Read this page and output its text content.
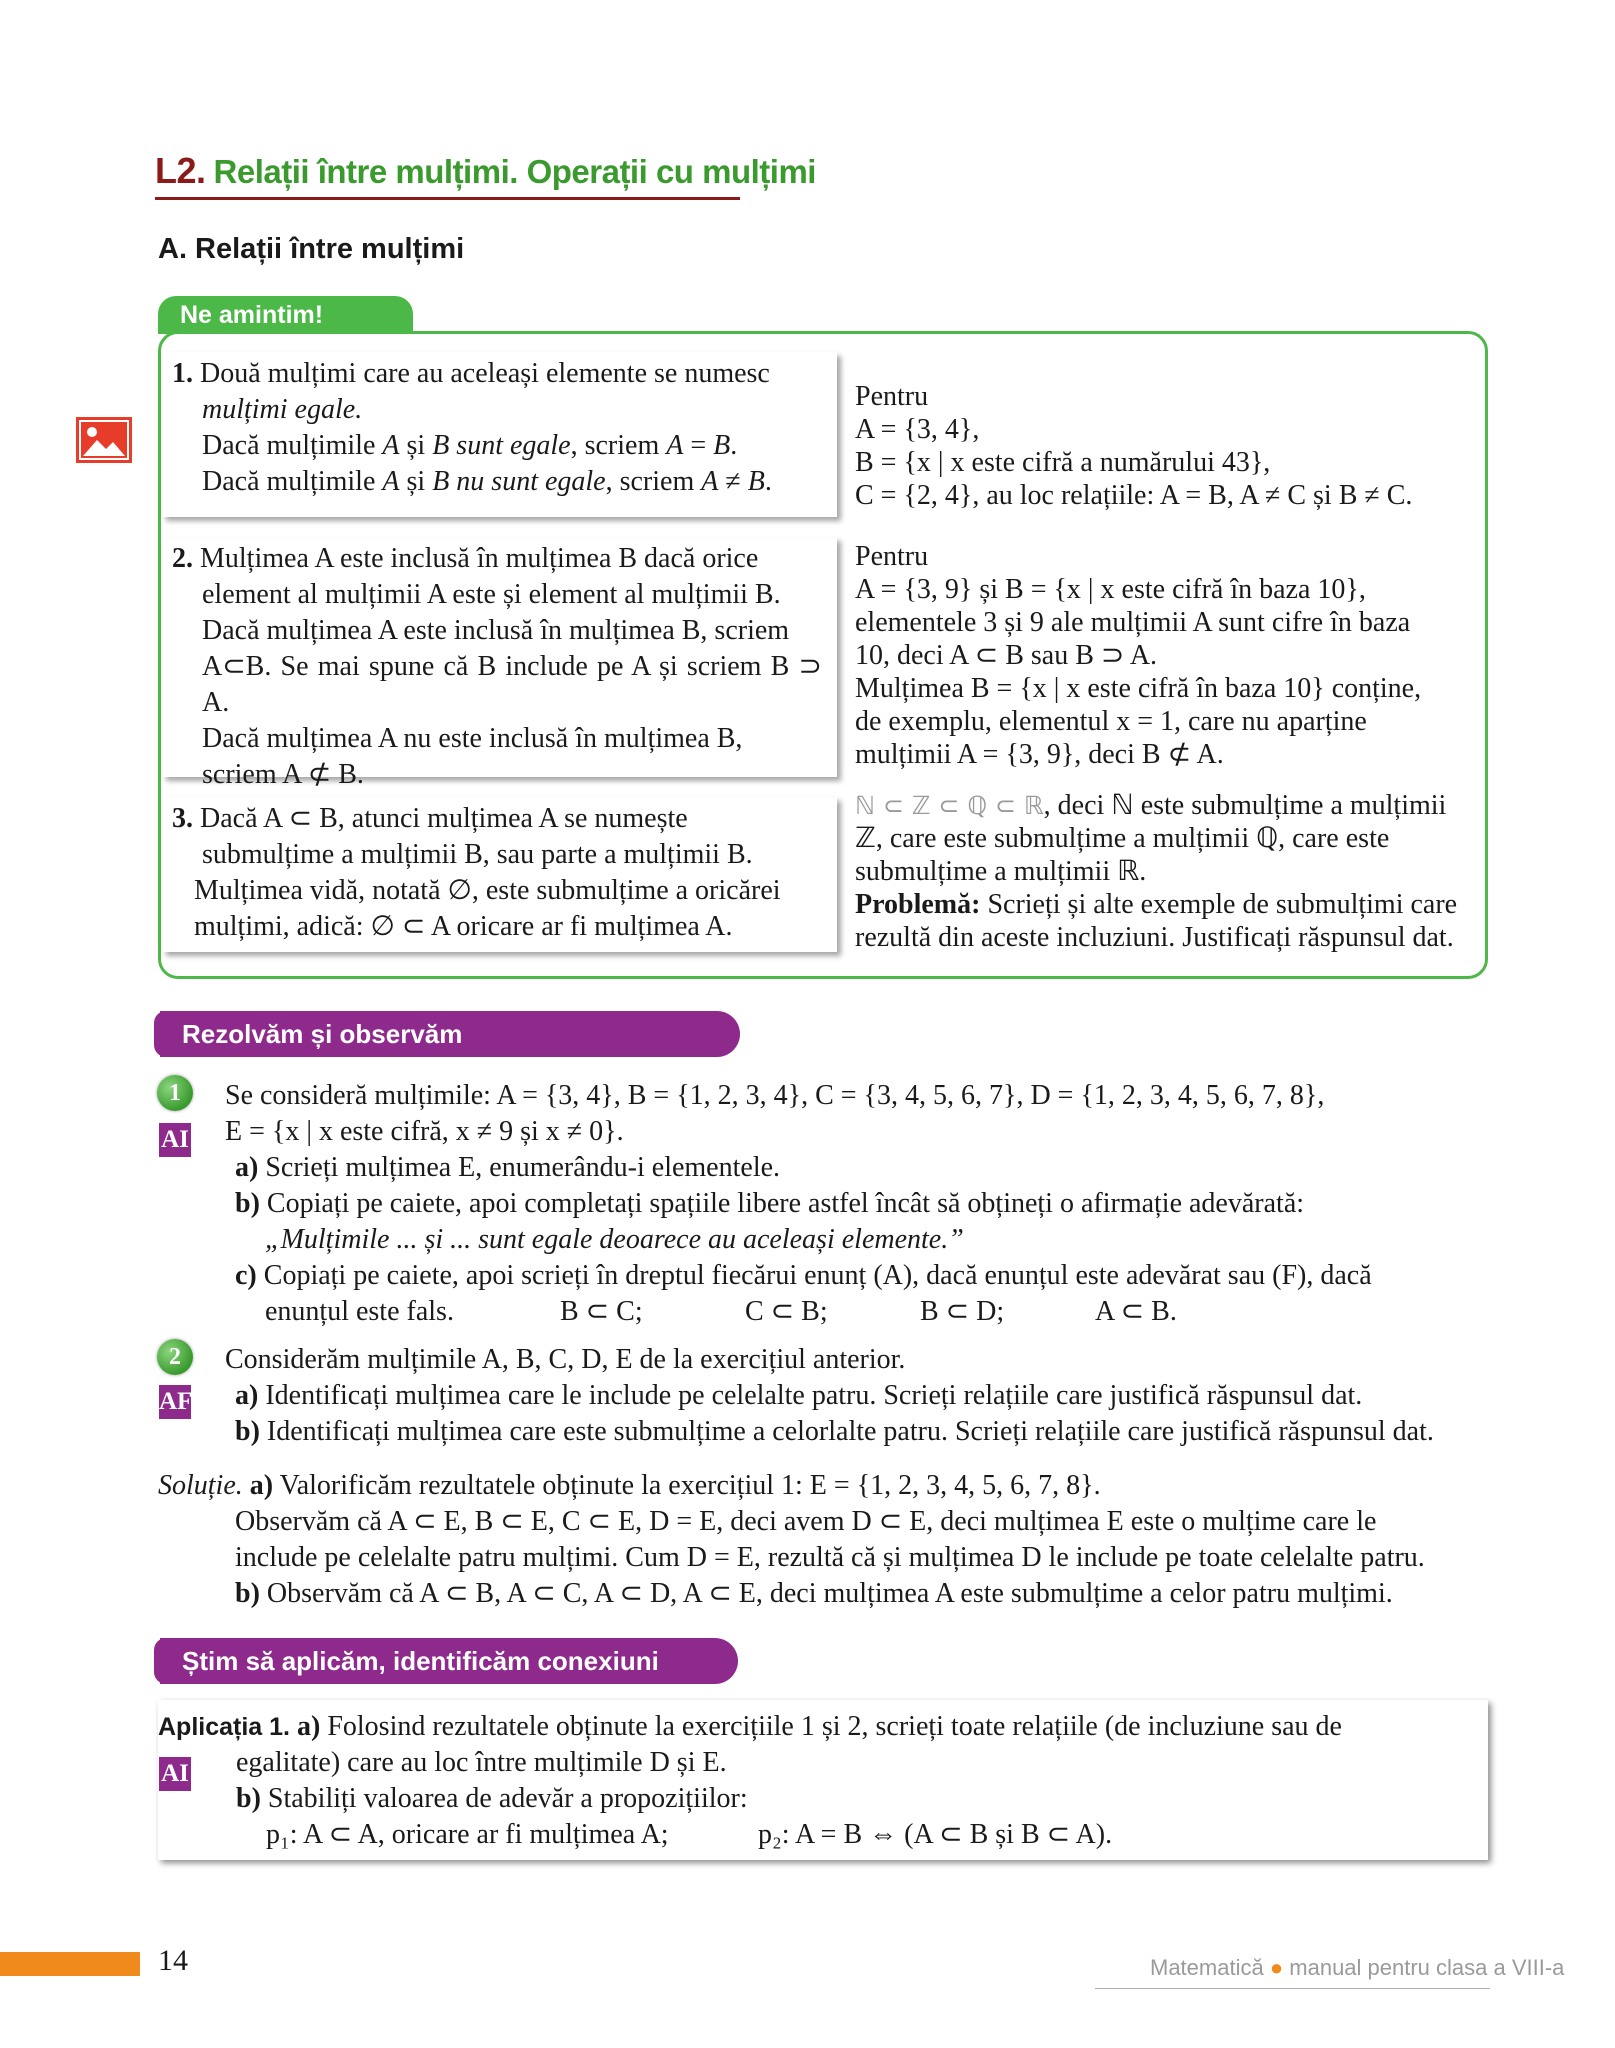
L2. Relații între mulțimi. Operații cu mulțimi
A. Relații între mulțimi
Ne amintim!
1. Două mulțimi care au aceleași elemente se numesc
mulțimi egale.
Dacă mulțimile A și B sunt egale, scriem A = B.
Dacă mulțimile A și B nu sunt egale, scriem A ≠ B.
2. Mulțimea A este inclusă în mulțimea B dacă orice
element al mulțimii A este și element al mulțimii B.
Dacă mulțimea A este inclusă în mulțimea B, scriem
A⊂B. Se mai spune că B include pe A și scriem B ⊃ A.
Dacă mulțimea A nu este inclusă în mulțimea B,
scriem A ⊄ B.
3. Dacă A ⊂ B, atunci mulțimea A se numește
submulțime a mulțimii B, sau parte a mulțimii B.
Mulțimea vidă, notată ∅, este submulțime a oricărei
mulțimi, adică: ∅ ⊂ A oricare ar fi mulțimea A.
Pentru
A = {3, 4},
B = {x | x este cifră a numărului 43},
C = {2, 4}, au loc relațiile: A = B, A ≠ C și B ≠ C.
Pentru
A = {3, 9} și B = {x | x este cifră în baza 10},
elementele 3 și 9 ale mulțimii A sunt cifre în baza
10, deci A ⊂ B sau B ⊃ A.
Mulțimea B = {x | x este cifră în baza 10} conține,
de exemplu, elementul x = 1, care nu aparține
mulțimii A = {3, 9}, deci B ⊄ A.
ℕ ⊂ ℤ ⊂ ℚ ⊂ ℝ, deci ℕ este submulțime a mulțimii
ℤ, care este submulțime a mulțimii ℚ, care este
submulțime a mulțimii ℝ.
Problemă: Scrieți și alte exemple de submulțimi care
rezultă din aceste incluziuni. Justificați răspunsul dat.
Rezolvăm și observăm
1
AI
Se consideră mulțimile: A = {3, 4}, B = {1, 2, 3, 4}, C = {3, 4, 5, 6, 7}, D = {1, 2, 3, 4, 5, 6, 7, 8},
E = {x | x este cifră, x ≠ 9 și x ≠ 0}.
a) Scrieți mulțimea E, enumerându-i elementele.
b) Copiați pe caiete, apoi completați spațiile libere astfel încât să obțineți o afirmație adevărată:
„Mulțimile ... și ... sunt egale deoarece au aceleași elemente.”
c) Copiați pe caiete, apoi scrieți în dreptul fiecărui enunț (A), dacă enunțul este adevărat sau (F), dacă
enunțul este fals.	B ⊂ C;	C ⊂ B;	B ⊂ D;	A ⊂ B.
2
AF
Considerăm mulțimile A, B, C, D, E de la exercițiul anterior.
a) Identificați mulțimea care le include pe celelalte patru. Scrieți relațiile care justifică răspunsul dat.
b) Identificați mulțimea care este submulțime a celorlalte patru. Scrieți relațiile care justifică răspunsul dat.
Soluție. a) Valorificăm rezultatele obținute la exercițiul 1: E = {1, 2, 3, 4, 5, 6, 7, 8}.
Observăm că A ⊂ E, B ⊂ E, C ⊂ E, D = E, deci avem D ⊂ E, deci mulțimea E este o mulțime care le
include pe celelalte patru mulțimi. Cum D = E, rezultă că și mulțimea D le include pe toate celelalte patru.
b) Observăm că A ⊂ B, A ⊂ C, A ⊂ D, A ⊂ E, deci mulțimea A este submulțime a celor patru mulțimi.
Știm să aplicăm, identificăm conexiuni
AI
Aplicația 1. a) Folosind rezultatele obținute la exercițiile 1 și 2, scrieți toate relațiile (de incluziune sau de
egalitate) care au loc între mulțimile D și E.
b) Stabiliți valoarea de adevăr a propozițiilor:
p₁: A ⊂ A, oricare ar fi mulțimea A;	p₂: A = B ⇔ (A ⊂ B și B ⊂ A).
14	Matematică ● manual pentru clasa a VIII-a
